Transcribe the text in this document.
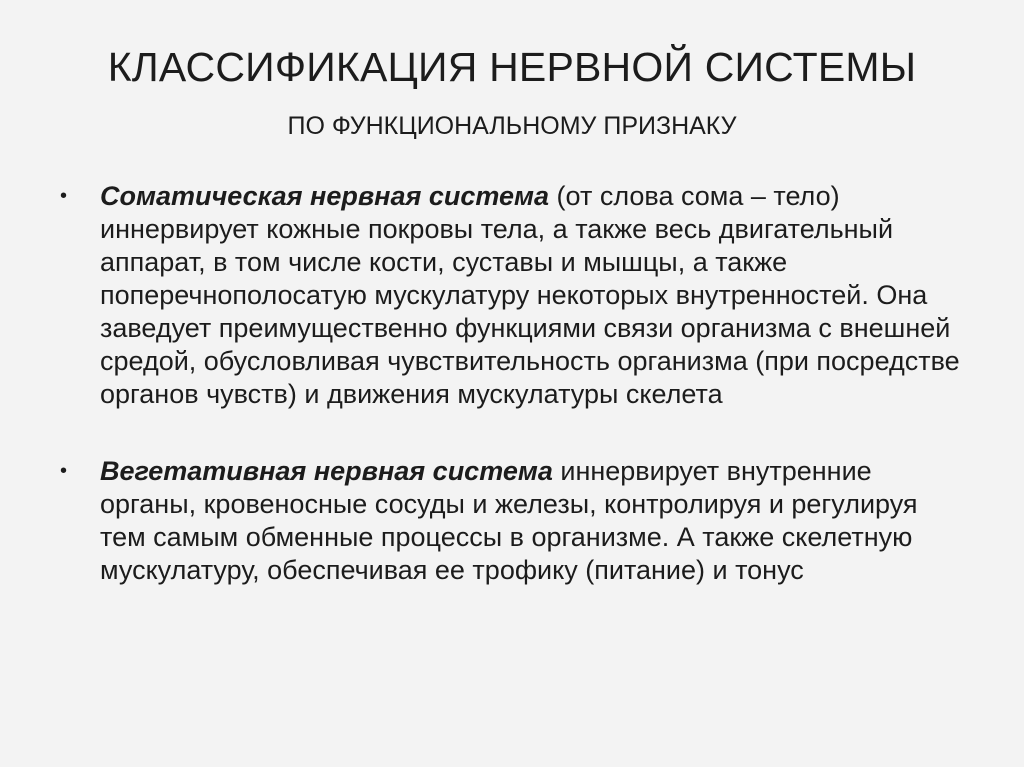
КЛАССИФИКАЦИЯ НЕРВНОЙ СИСТЕМЫ
ПО ФУНКЦИОНАЛЬНОМУ ПРИЗНАКУ
•	Соматическая нервная система (от слова сома – тело) иннервирует кожные покровы тела, а также весь двигательный аппарат, в том числе кости, суставы и мышцы, а также поперечнополосатую мускулатуру некоторых внутренностей. Она заведует преимущественно функциями связи организма с внешней средой, обусловливая чувствительность организма (при посредстве органов чувств) и движения мускулатуры скелета
•	Вегетативная нервная система иннервирует внутренние органы, кровеносные сосуды и железы, контролируя и регулируя тем самым обменные процессы в организме. А также скелетную мускулатуру, обеспечивая ее трофику (питание) и тонус
